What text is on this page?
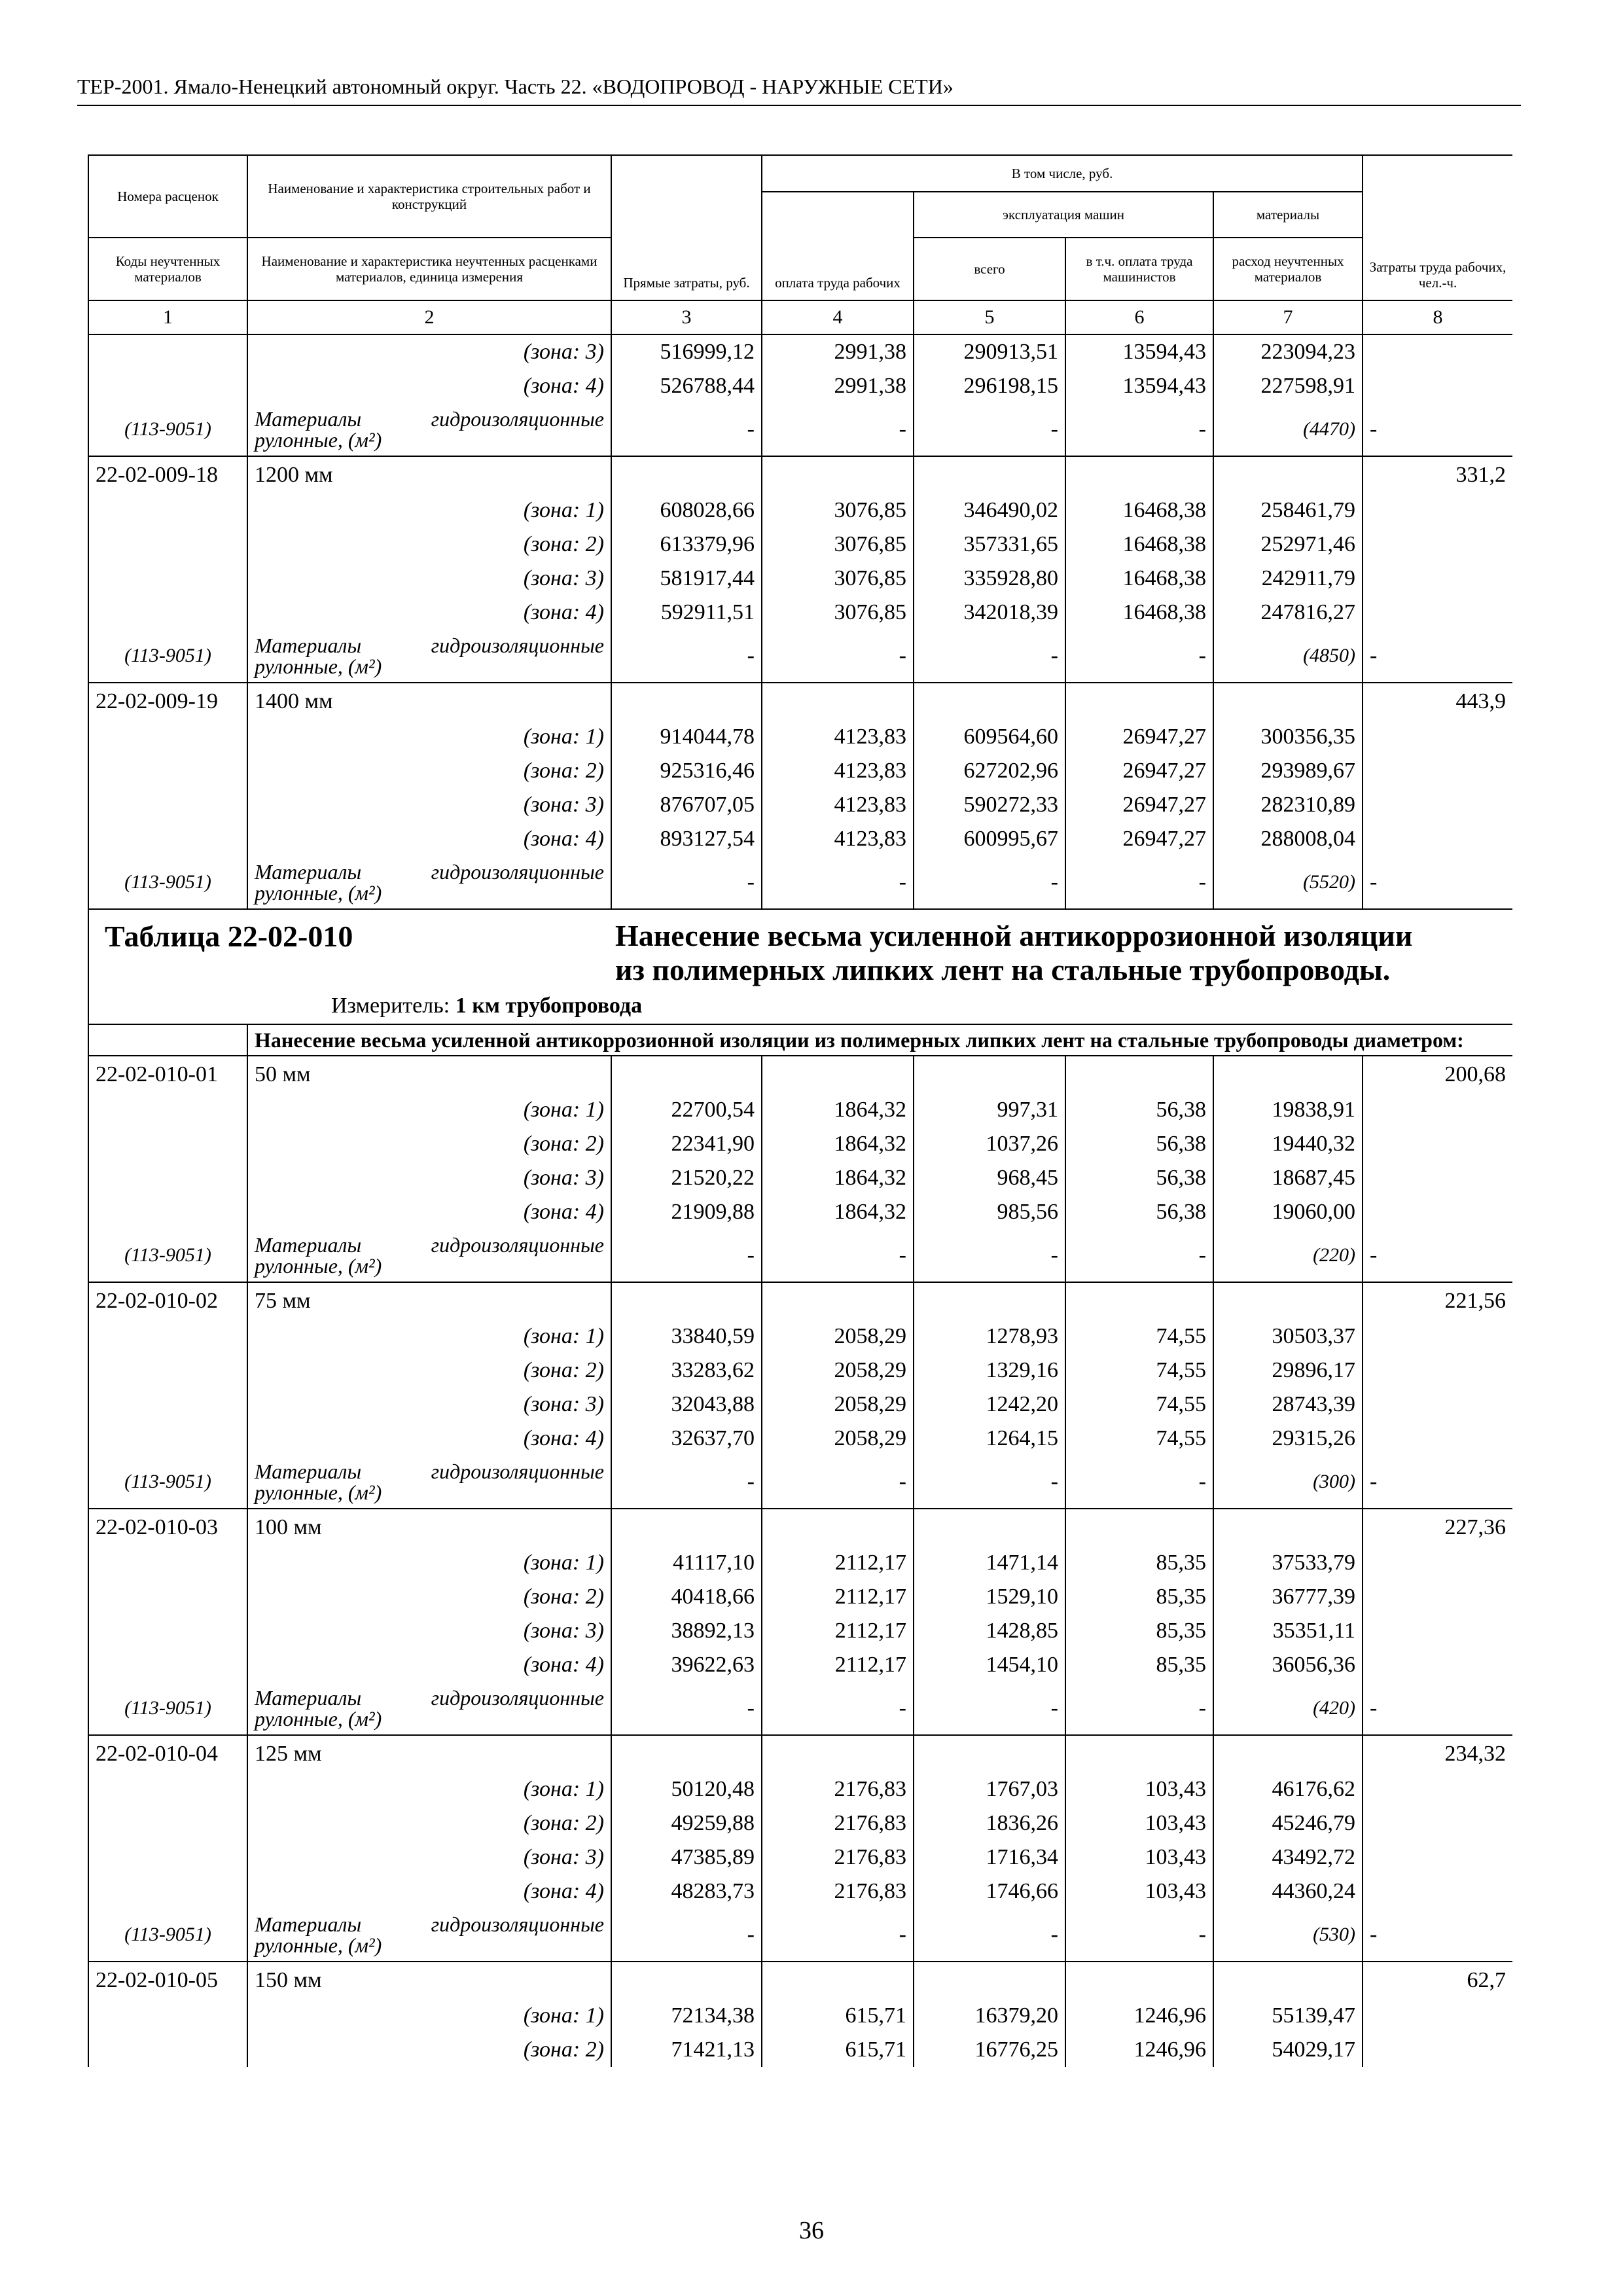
ТЕР-2001. Ямало-Ненецкий автономный округ. Часть 22. «ВОДОПРОВОД - НАРУЖНЫЕ СЕТИ»
Номера расценок	Наименование и характеристика строительных работ и конструкций	Прямые затраты, руб.	В том числе, руб.				Затраты труда рабочих, чел.-ч.
			оплата труда рабочих	эксплуатация машин		материалы	
Коды неучтенных материалов	Наименование и характеристика неучтенных расценками материалов, единица измерения			всего	в т.ч. оплата труда машинистов	расход неучтенных материалов	
1	2	3	4	5	6	7	8
	(зона: 3)	516999,12	2991,38	290913,51	13594,43	223094,23	
	(зона: 4)	526788,44	2991,38	296198,15	13594,43	227598,91	
(113-9051)	Материалы гидроизоляционные рулонные, (м²)	-	-	-	-	(4470)	-
22-02-009-18	1200 мм						331,2
	(зона: 1)	608028,66	3076,85	346490,02	16468,38	258461,79	
	(зона: 2)	613379,96	3076,85	357331,65	16468,38	252971,46	
	(зона: 3)	581917,44	3076,85	335928,80	16468,38	242911,79	
	(зона: 4)	592911,51	3076,85	342018,39	16468,38	247816,27	
(113-9051)	Материалы гидроизоляционные рулонные, (м²)	-	-	-	-	(4850)	-
22-02-009-19	1400 мм						443,9
	(зона: 1)	914044,78	4123,83	609564,60	26947,27	300356,35	
	(зона: 2)	925316,46	4123,83	627202,96	26947,27	293989,67	
	(зона: 3)	876707,05	4123,83	590272,33	26947,27	282310,89	
	(зона: 4)	893127,54	4123,83	600995,67	26947,27	288008,04	
(113-9051)	Материалы гидроизоляционные рулонные, (м²)	-	-	-	-	(5520)	-
Таблица 22-02-010 Нанесение весьма усиленной антикоррозионной изоляции из полимерных липких лент на стальные трубопроводы.
Измеритель: 1 км трубопровода							

	Нанесение весьма усиленной антикоррозионной изоляции из полимерных липких лент на стальные трубопроводы диаметром:						
22-02-010-01	50 мм						200,68
	(зона: 1)	22700,54	1864,32	997,31	56,38	19838,91	
	(зона: 2)	22341,90	1864,32	1037,26	56,38	19440,32	
	(зона: 3)	21520,22	1864,32	968,45	56,38	18687,45	
	(зона: 4)	21909,88	1864,32	985,56	56,38	19060,00	
(113-9051)	Материалы гидроизоляционные рулонные, (м²)	-	-	-	-	(220)	-
22-02-010-02	75 мм						221,56
	(зона: 1)	33840,59	2058,29	1278,93	74,55	30503,37	
	(зона: 2)	33283,62	2058,29	1329,16	74,55	29896,17	
	(зона: 3)	32043,88	2058,29	1242,20	74,55	28743,39	
	(зона: 4)	32637,70	2058,29	1264,15	74,55	29315,26	
(113-9051)	Материалы гидроизоляционные рулонные, (м²)	-	-	-	-	(300)	-
22-02-010-03	100 мм						227,36
	(зона: 1)	41117,10	2112,17	1471,14	85,35	37533,79	
	(зона: 2)	40418,66	2112,17	1529,10	85,35	36777,39	
	(зона: 3)	38892,13	2112,17	1428,85	85,35	35351,11	
	(зона: 4)	39622,63	2112,17	1454,10	85,35	36056,36	
(113-9051)	Материалы гидроизоляционные рулонные, (м²)	-	-	-	-	(420)	-
22-02-010-04	125 мм						234,32
	(зона: 1)	50120,48	2176,83	1767,03	103,43	46176,62	
	(зона: 2)	49259,88	2176,83	1836,26	103,43	45246,79	
	(зона: 3)	47385,89	2176,83	1716,34	103,43	43492,72	
	(зона: 4)	48283,73	2176,83	1746,66	103,43	44360,24	
(113-9051)	Материалы гидроизоляционные рулонные, (м²)	-	-	-	-	(530)	-
22-02-010-05	150 мм						62,7
	(зона: 1)	72134,38	615,71	16379,20	1246,96	55139,47	
	(зона: 2)	71421,13	615,71	16776,25	1246,96	54029,17	
36
